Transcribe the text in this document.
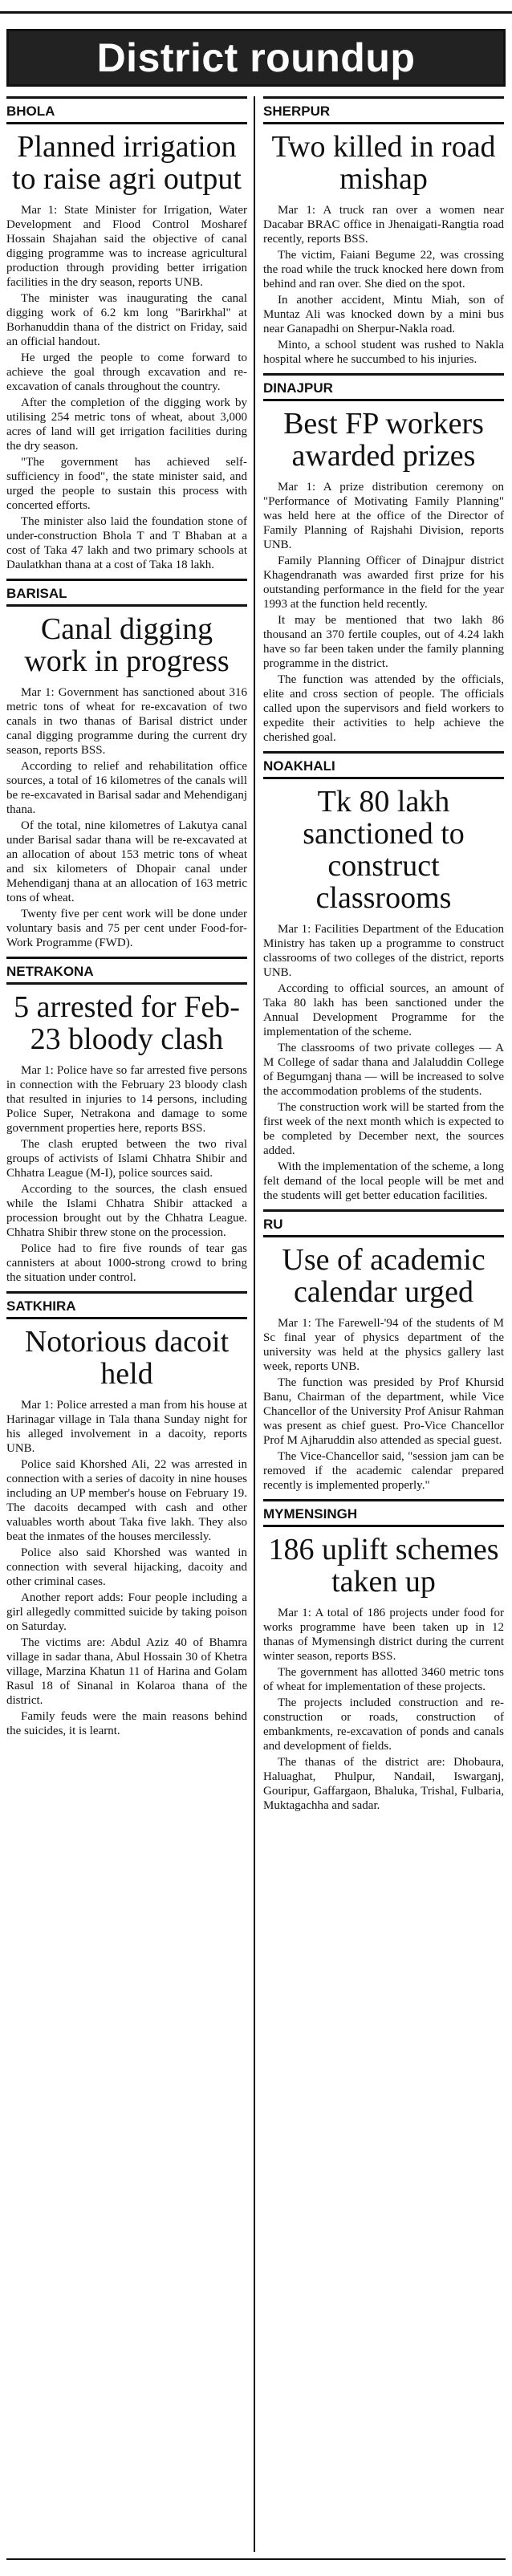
District roundup
BHOLA
Planned irrigation to raise agri output

Mar 1: State Minister for Irrigation, Water Development and Flood Control Mosharef Hossain Shajahan said the objective of canal digging programme was to increase agricultural production through providing better irrigation facilities in the dry season, reports UNB.

The minister was inaugurating the canal digging work of 6.2 km long "Barirkhal" at Borhanuddin thana of the district on Friday, said an official handout.

He urged the people to come forward to achieve the goal through excavation and re-excavation of canals throughout the country.

After the completion of the digging work by utilising 254 metric tons of wheat, about 3,000 acres of land will get irrigation facilities during the dry season.

"The government has achieved self-sufficiency in food", the state minister said, and urged the people to sustain this process with concerted efforts.

The minister also laid the foundation stone of under-construction Bhola T and T Bhaban at a cost of Taka 47 lakh and two primary schools at Daulatkhan thana at a cost of Taka 18 lakh.

BARISAL
Canal digging work in progress

Mar 1: Government has sanctioned about 316 metric tons of wheat for re-excavation of two canals in two thanas of Barisal district under canal digging programme during the current dry season, reports BSS.

According to relief and rehabilitation office sources, a total of 16 kilometres of the canals will be re-excavated in Barisal sadar and Mehendiganj thana.

Of the total, nine kilometres of Lakutya canal under Barisal sadar thana will be re-excavated at an allocation of about 153 metric tons of wheat and six kilometers of Dhopair canal under Mehendiganj thana at an allocation of 163 metric tons of wheat.

Twenty five per cent work will be done under voluntary basis and 75 per cent under Food-for-Work Programme (FWD).

NETRAKONA
5 arrested for Feb-23 bloody clash

Mar 1: Police have so far arrested five persons in connection with the February 23 bloody clash that resulted in injuries to 14 persons, including Police Super, Netrakona and damage to some government properties here, reports BSS.

The clash erupted between the two rival groups of activists of Islami Chhatra Shibir and Chhatra League (M-I), police sources said.

According to the sources, the clash ensued while the Islami Chhatra Shibir attacked a procession brought out by the Chhatra League. Chhatra Shibir threw stone on the procession.

Police had to fire five rounds of tear gas cannisters at about 1000-strong crowd to bring the situation under control.

SATKHIRA
Notorious dacoit held

Mar 1: Police arrested a man from his house at Harinagar village in Tala thana Sunday night for his alleged involvement in a dacoity, reports UNB.

Police said Khorshed Ali, 22 was arrested in connection with a series of dacoity in nine houses including an UP member's house on February 19. The dacoits decamped with cash and other valuables worth about Taka five lakh. They also beat the inmates of the houses mercilessly.

Police also said Khorshed was wanted in connection with several hijacking, dacoity and other criminal cases.

Another report adds: Four people including a girl allegedly committed suicide by taking poison on Saturday.

The victims are: Abdul Aziz 40 of Bhamra village in sadar thana, Abul Hossain 30 of Khetra village, Marzina Khatun 11 of Harina and Golam Rasul 18 of Sinanal in Kolaroa thana of the district.

Family feuds were the main reasons behind the suicides, it is learnt.

SHERPUR
Two killed in road mishap

Mar 1: A truck ran over a women near Dacabar BRAC office in Jhenaigati-Rangtia road recently, reports BSS.

The victim, Faiani Begume 22, was crossing the road while the truck knocked here down from behind and ran over. She died on the spot.

In another accident, Mintu Miah, son of Muntaz Ali was knocked down by a mini bus near Ganapadhi on Sherpur-Nakla road.

Minto, a school student was rushed to Nakla hospital where he succumbed to his injuries.

DINAJPUR
Best FP workers awarded prizes

Mar 1: A prize distribution ceremony on "Performance of Motivating Family Planning" was held here at the office of the Director of Family Planning of Rajshahi Division, reports UNB.

Family Planning Officer of Dinajpur district Khagendranath was awarded first prize for his outstanding performance in the field for the year 1993 at the function held recently.

It may be mentioned that two lakh 86 thousand an 370 fertile couples, out of 4.24 lakh have so far been taken under the family planning programme in the district.

The function was attended by the officials, elite and cross section of people. The officials called upon the supervisors and field workers to expedite their activities to help achieve the cherished goal.

NOAKHALI
Tk 80 lakh sanctioned to construct classrooms

Mar 1: Facilities Department of the Education Ministry has taken up a programme to construct classrooms of two colleges of the district, reports UNB.

According to official sources, an amount of Taka 80 lakh has been sanctioned under the Annual Development Programme for the implementation of the scheme.

The classrooms of two private colleges — A M College of sadar thana and Jalaluddin College of Begumganj thana — will be increased to solve the accommodation problems of the students.

The construction work will be started from the first week of the next month which is expected to be completed by December next, the sources added.

With the implementation of the scheme, a long felt demand of the local people will be met and the students will get better education facilities.

RU
Use of academic calendar urged

Mar 1: The Farewell-'94 of the students of M Sc final year of physics department of the university was held at the physics gallery last week, reports UNB.

The function was presided by Prof Khursid Banu, Chairman of the department, while Vice Chancellor of the University Prof Anisur Rahman was present as chief guest. Pro-Vice Chancellor Prof M Ajharuddin also attended as special guest.

The Vice-Chancellor said, "session jam can be removed if the academic calendar prepared recently is implemented properly."

MYMENSINGH
186 uplift schemes taken up

Mar 1: A total of 186 projects under food for works programme have been taken up in 12 thanas of Mymensingh district during the current winter season, reports BSS.

The government has allotted 3460 metric tons of wheat for implementation of these projects.

The projects included construction and re-construction or roads, construction of embankments, re-excavation of ponds and canals and development of fields.

The thanas of the district are: Dhobaura, Haluaghat, Phulpur, Nandail, Iswarganj, Gouripur, Gaffargaon, Bhaluka, Trishal, Fulbaria, Muktagachha and sadar.
